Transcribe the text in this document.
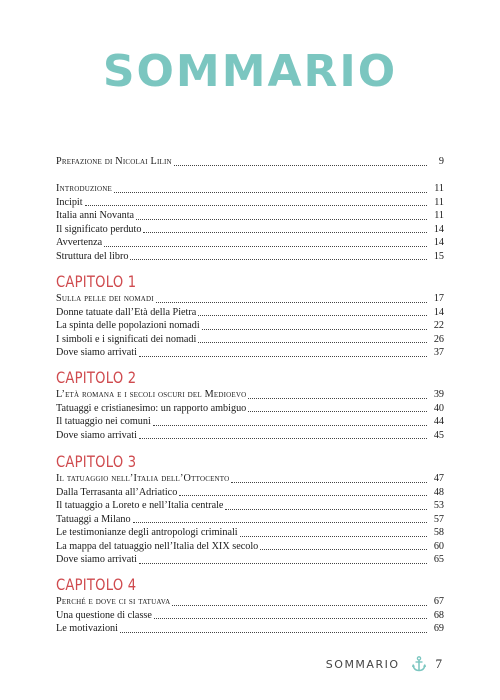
SOMMARIO
Prefazione di Nicolai Lilin	9
Introduzione	11
Incipit	11
Italia anni Novanta	11
Il significato perduto	14
Avvertenza	14
Struttura del libro	15
CAPITOLO 1
Sulla pelle dei nomadi	17
Donne tatuate dall’Età della Pietra	14
La spinta delle popolazioni nomadi	22
I simboli e i significati dei nomadi	26
Dove siamo arrivati	37
CAPITOLO 2
L’età romana e i secoli oscuri del Medioevo	39
Tatuaggi e cristianesimo: un rapporto ambiguo	40
Il tatuaggio nei comuni	44
Dove siamo arrivati	45
CAPITOLO 3
Il tatuaggio nell’Italia dell’Ottocento	47
Dalla Terrasanta all’Adriatico	48
Il tatuaggio a Loreto e nell’Italia centrale	53
Tatuaggi a Milano	57
Le testimonianze degli antropologi criminali	58
La mappa del tatuaggio nell’Italia del XIX secolo	60
Dove siamo arrivati	65
CAPITOLO 4
Perché e dove ci si tatuava	67
Una questione di classe	68
Le motivazioni	69
SOMMARIO	7
